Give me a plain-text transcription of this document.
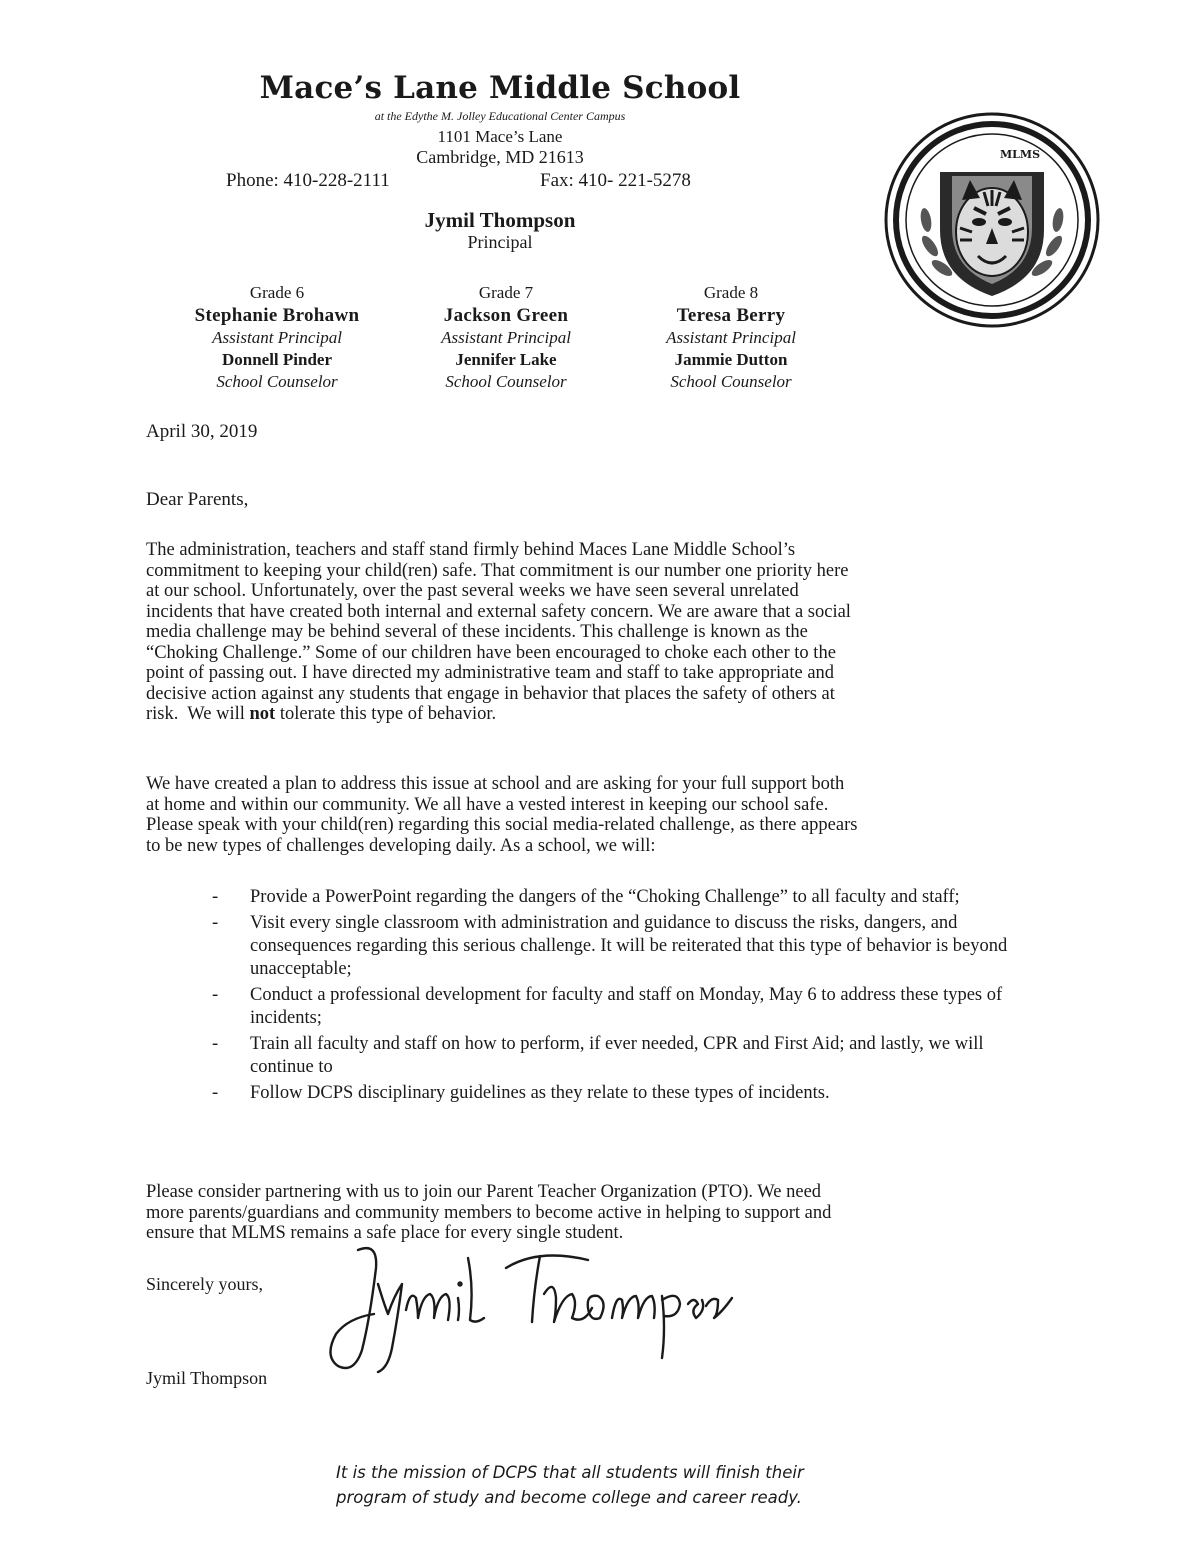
Mace’s Lane Middle School
at the Edythe M. Jolley Educational Center Campus
1101 Mace’s Lane
Cambridge, MD 21613
Phone: 410-228-2111	Fax: 410- 221-5278
Jymil Thompson
Principal
Grade 6
Stephanie Brohawn
Assistant Principal
Donnell Pinder
School Counselor
Grade 7
Jackson Green
Assistant Principal
Jennifer Lake
School Counselor
Grade 8
Teresa Berry
Assistant Principal
Jammie Dutton
School Counselor
MLMS
April 30, 2019
Dear Parents,
The administration, teachers and staff stand firmly behind Maces Lane Middle School’s
commitment to keeping your child(ren) safe. That commitment is our number one priority here
at our school. Unfortunately, over the past several weeks we have seen several unrelated
incidents that have created both internal and external safety concern. We are aware that a social
media challenge may be behind several of these incidents. This challenge is known as the
“Choking Challenge.” Some of our children have been encouraged to choke each other to the
point of passing out. I have directed my administrative team and staff to take appropriate and
decisive action against any students that engage in behavior that places the safety of others at
risk.  We will not tolerate this type of behavior.
We have created a plan to address this issue at school and are asking for your full support both
at home and within our community. We all have a vested interest in keeping our school safe.
Please speak with your child(ren) regarding this social media-related challenge, as there appears
to be new types of challenges developing daily. As a school, we will:
- Provide a PowerPoint regarding the dangers of the “Choking Challenge” to all faculty and staff;
- Visit every single classroom with administration and guidance to discuss the risks, dangers, and consequences regarding this serious challenge. It will be reiterated that this type of behavior is beyond unacceptable;
- Conduct a professional development for faculty and staff on Monday, May 6 to address these types of incidents;
- Train all faculty and staff on how to perform, if ever needed, CPR and First Aid; and lastly, we will continue to
- Follow DCPS disciplinary guidelines as they relate to these types of incidents.
Please consider partnering with us to join our Parent Teacher Organization (PTO). We need
more parents/guardians and community members to become active in helping to support and
ensure that MLMS remains a safe place for every single student.
Sincerely yours,
Jymil Thompson
It is the mission of DCPS that all students will finish their
program of study and become college and career ready.
